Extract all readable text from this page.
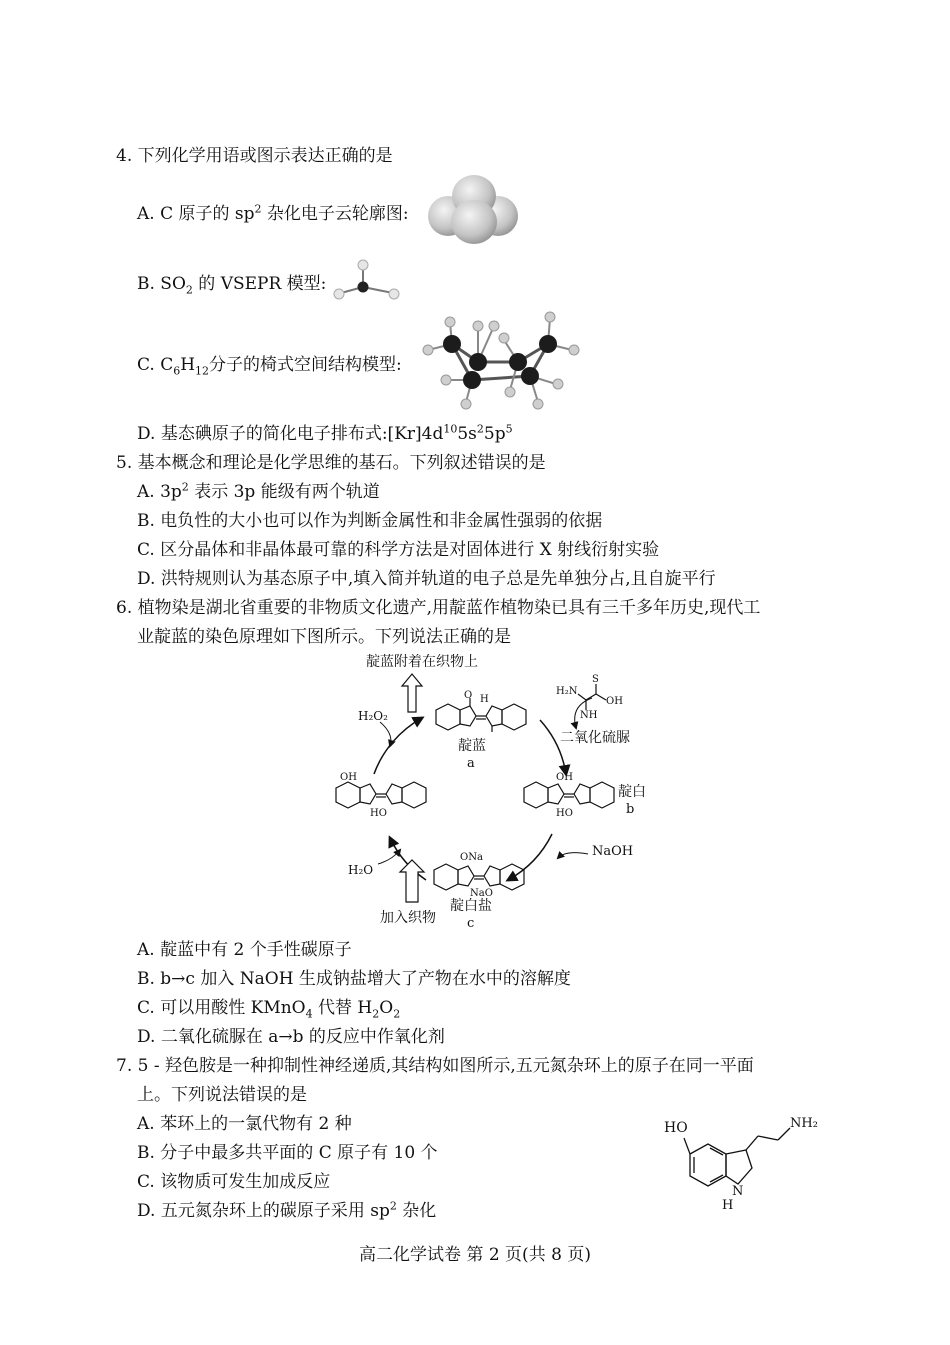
4. 下列化学用语或图示表达正确的是
A. C 原子的 $sp^2$ 杂化电子云轮廓图:
B. $SO_2$ 的 VSEPR 模型:
C. $C_6H_{12}$分子的椅式空间结构模型:
D. 基态碘原子的简化电子排布式$:[Kr]4d^{10}5s^25p^5$
5. 基本概念和理论是化学思维的基石。下列叙述错误的是
A. $3p^2$ 表示 3p 能级有两个轨道
B. 电负性的大小也可以作为判断金属性和非金属性强弱的依据
C. 区分晶体和非晶体最可靠的科学方法是对固体进行 X 射线衍射实验
D. 洪特规则认为基态原子中,填入简并轨道的电子总是先单独分占,且自旋平行
6. 植物染是湖北省重要的非物质文化遗产,用靛蓝作植物染已具有三千多年历史,现代工
业靛蓝的染色原理如下图所示。下列说法正确的是
靛蓝附着在织物上
H₂O₂
O H
靛蓝
a
H₂N
NH
S
OH
二氧化硫脲
OH
HO
靛白
b
OH
HO
NaOH
ONa
NaO
H₂O
靛白盐
c
加入织物
A. 靛蓝中有 2 个手性碳原子
B. b→c 加入 NaOH 生成钠盐增大了产物在水中的溶解度
C. 可以用酸性 KMnO$_4$ 代替 $H_2O_2$
D. 二氧化硫脲在 a→b 的反应中作氧化剂
7. 5 - 羟色胺是一种抑制性神经递质,其结构如图所示,五元氮杂环上的原子在同一平面
上。下列说法错误的是
A. 苯环上的一氯代物有 2 种
B. 分子中最多共平面的 C 原子有 10 个
C. 该物质可发生加成反应
D. 五元氮杂环上的碳原子采用 $sp^2$ 杂化
HO	NH₂
N
H
高二化学试卷 第 2 页(共 8 页)
